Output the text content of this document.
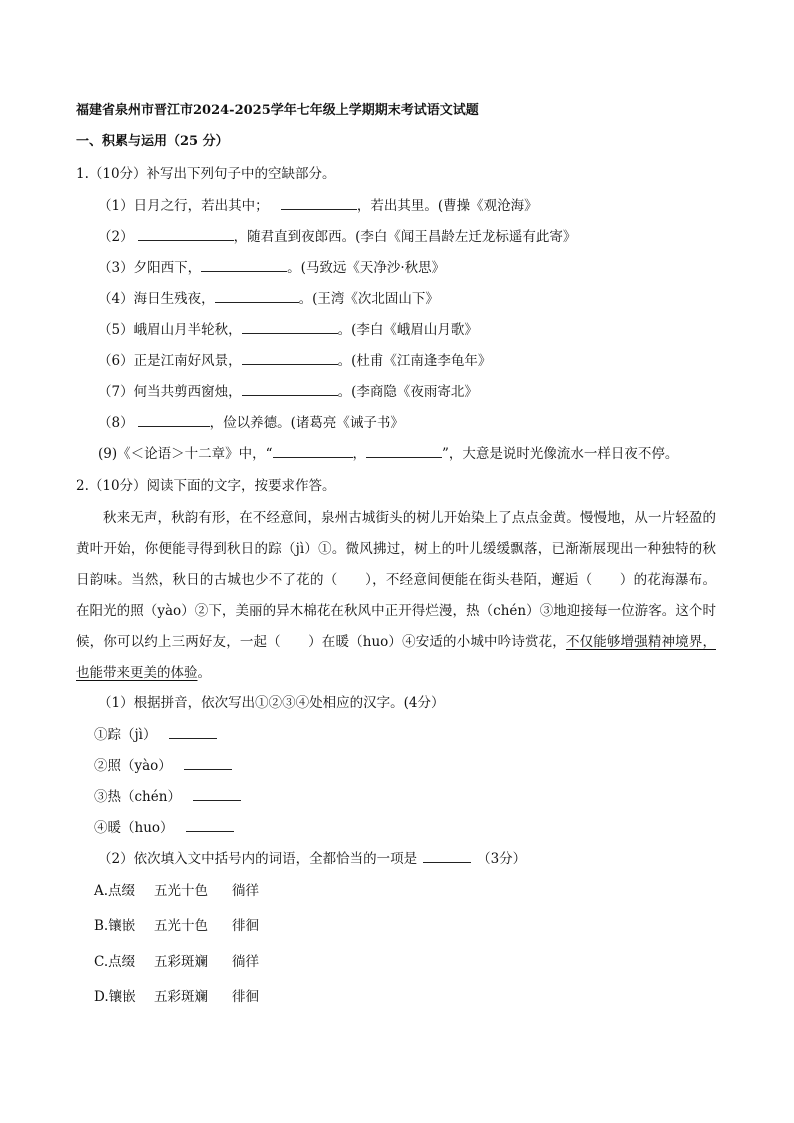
福建省泉州市晋江市2024-2025学年七年级上学期期末考试语文试题
一、积累与运用（25 分）
1.（10分）补写出下列句子中的空缺部分。
（1）日月之行，若出其中；	，若出其里。(曹操《观沧海》
（2）	，随君直到夜郎西。(李白《闻王昌龄左迁龙标遥有此寄》
（3）夕阳西下，	。(马致远《天净沙·秋思》
（4）海日生残夜，	。(王湾《次北固山下》
（5）峨眉山月半轮秋，	。(李白《峨眉山月歌》
（6）正是江南好风景，	。(杜甫《江南逢李龟年》
（7）何当共剪西窗烛，	。(李商隐《夜雨寄北》
（8）	，俭以养德。(诸葛亮《诫子书》
(9)《＜论语＞十二章》中，“	，	”，大意是说时光像流水一样日夜不停。
2.（10分）阅读下面的文字，按要求作答。
秋来无声，秋韵有形，在不经意间，泉州古城街头的树儿开始染上了点点金黄。慢慢地，从一片轻盈的黄叶开始，你便能寻得到秋日的踪（jì）①。微风拂过，树上的叶儿缓缓飘落，已渐渐展现出一种独特的秋日韵味。当然，秋日的古城也少不了花的（　　），不经意间便能在街头巷陌，邂逅（　　）的花海瀑布。在阳光的照（yào）②下，美丽的异木棉花在秋风中正开得烂漫，热（chén）③地迎接每一位游客。这个时候，你可以约上三两好友，一起（　　）在暖（huo）④安适的小城中吟诗赏花，不仅能够增强精神境界，也能带来更美的体验。
（1）根据拼音，依次写出①②③④处相应的汉字。(4分）
①踪（jì）
②照（yào）
③热（chén）
④暖（huo）
（2）依次填入文中括号内的词语，全都恰当的一项是	（3分）
A.点缀 五光十色 徜徉
B.镶嵌 五光十色 徘徊
C.点缀 五彩斑斓 徜徉
D.镶嵌 五彩斑斓 徘徊
